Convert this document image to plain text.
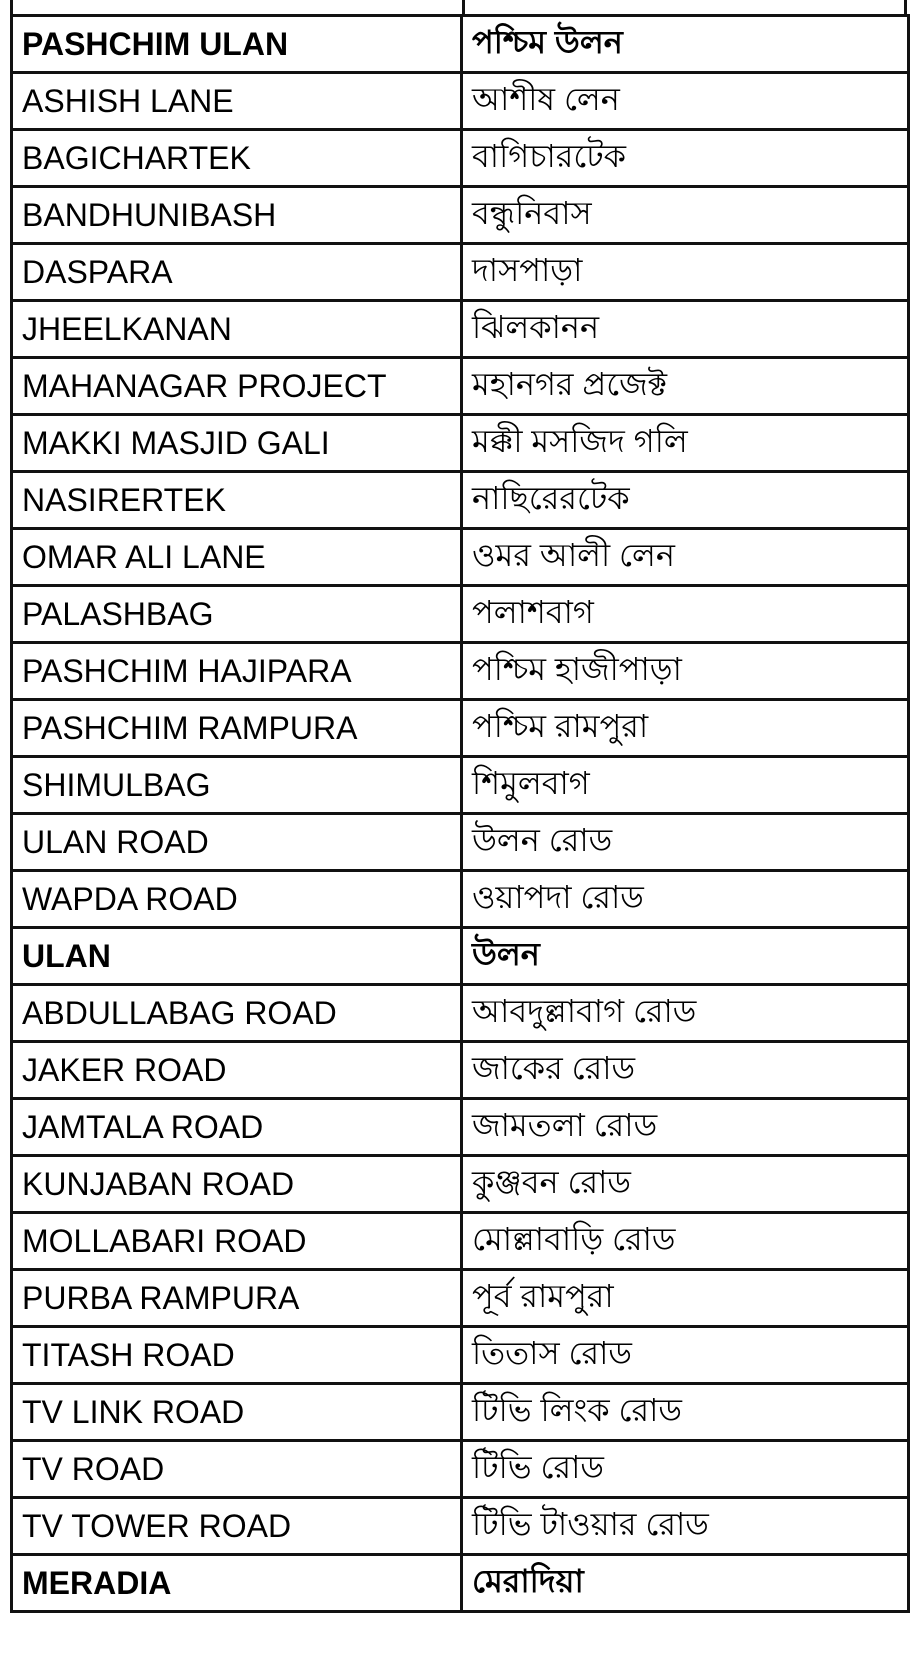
PASHCHIM ULAN	পশ্চিম উলন
ASHISH LANE	আশীষ লেন
BAGICHARTEK	বাগিচারটেক
BANDHUNIBASH	বন্ধুনিবাস
DASPARA	দাসপাড়া
JHEELKANAN	ঝিলকানন
MAHANAGAR PROJECT	মহানগর প্রজেক্ট
MAKKI MASJID GALI	মক্কী মসজিদ গলি
NASIRERTEK	নাছিরেরটেক
OMAR ALI LANE	ওমর আলী লেন
PALASHBAG	পলাশবাগ
PASHCHIM HAJIPARA	পশ্চিম হাজীপাড়া
PASHCHIM RAMPURA	পশ্চিম রামপুরা
SHIMULBAG	শিমুলবাগ
ULAN ROAD	উলন রোড
WAPDA ROAD	ওয়াপদা রোড
ULAN	উলন
ABDULLABAG ROAD	আবদুল্লাবাগ রোড
JAKER ROAD	জাকের রোড
JAMTALA ROAD	জামতলা রোড
KUNJABAN ROAD	কুঞ্জবন রোড
MOLLABARI ROAD	মোল্লাবাড়ি রোড
PURBA RAMPURA	পূর্ব রামপুরা
TITASH ROAD	তিতাস রোড
TV LINK ROAD	টিভি লিংক রোড
TV ROAD	টিভি রোড
TV TOWER ROAD	টিভি টাওয়ার রোড
MERADIA	মেরাদিয়া
